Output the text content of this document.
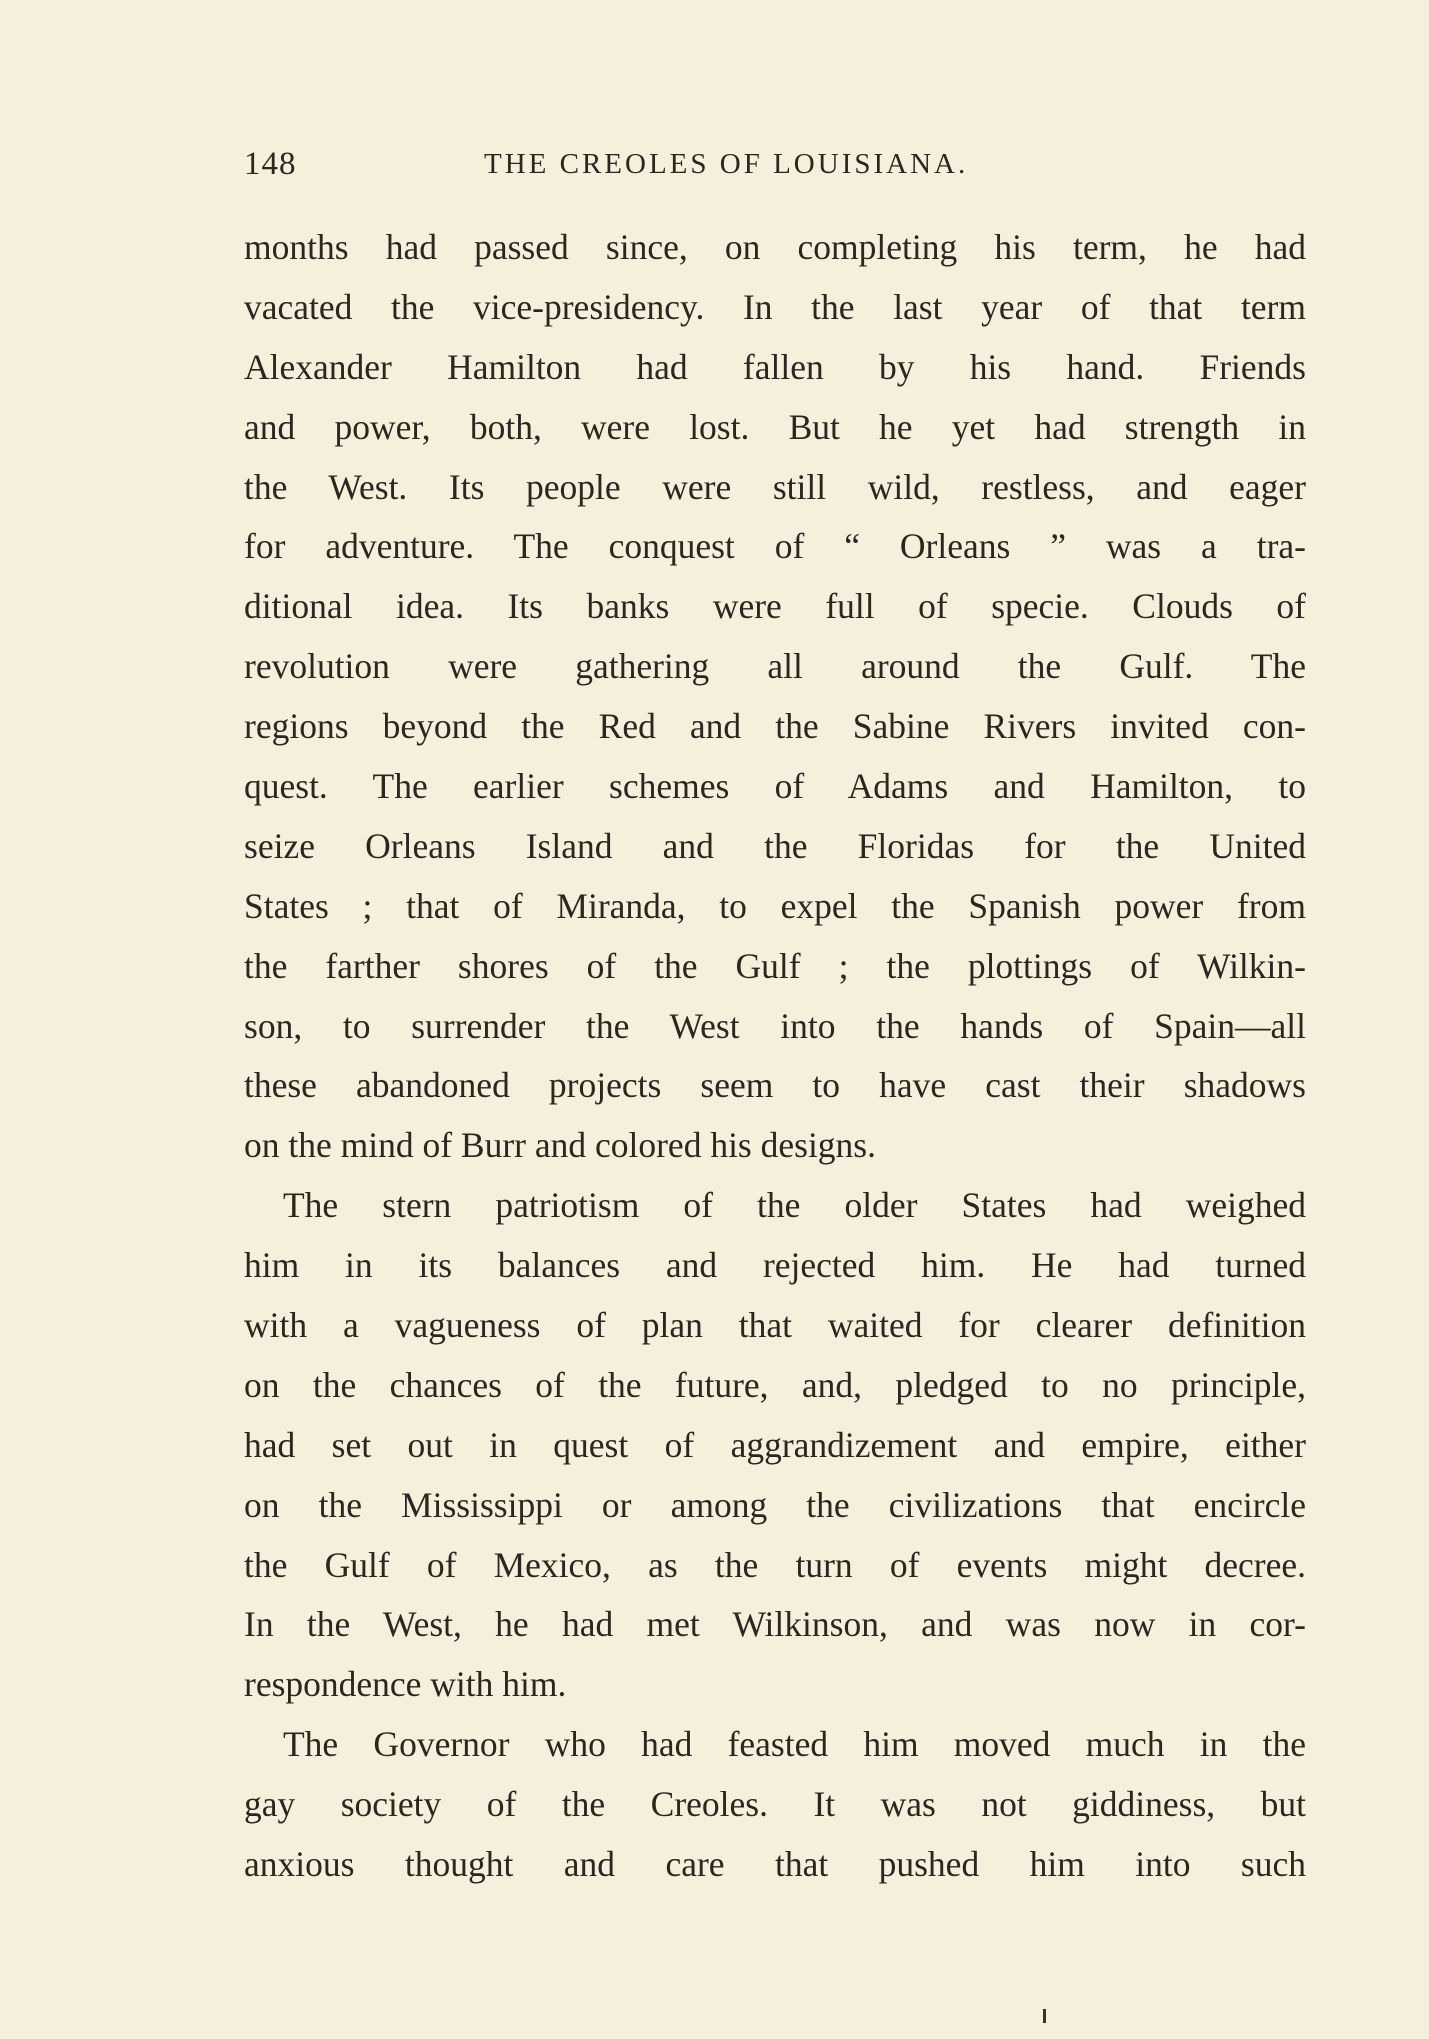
148	THE CREOLES OF LOUISIANA.
months had passed since, on completing his term, he had
vacated the vice-presidency. In the last year of that term
Alexander Hamilton had fallen by his hand. Friends
and power, both, were lost. But he yet had strength in
the West. Its people were still wild, restless, and eager
for adventure. The conquest of “ Orleans ” was a tra-
ditional idea. Its banks were full of specie. Clouds of
revolution were gathering all around the Gulf. The
regions beyond the Red and the Sabine Rivers invited con-
quest. The earlier schemes of Adams and Hamilton, to
seize Orleans Island and the Floridas for the United
States ; that of Miranda, to expel the Spanish power from
the farther shores of the Gulf ; the plottings of Wilkin-
son, to surrender the West into the hands of Spain—all
these abandoned projects seem to have cast their shadows
on the mind of Burr and colored his designs.
The stern patriotism of the older States had weighed
him in its balances and rejected him. He had turned
with a vagueness of plan that waited for clearer definition
on the chances of the future, and, pledged to no principle,
had set out in quest of aggrandizement and empire, either
on the Mississippi or among the civilizations that encircle
the Gulf of Mexico, as the turn of events might decree.
In the West, he had met Wilkinson, and was now in cor-
respondence with him.
The Governor who had feasted him moved much in the
gay society of the Creoles. It was not giddiness, but
anxious thought and care that pushed him into such
